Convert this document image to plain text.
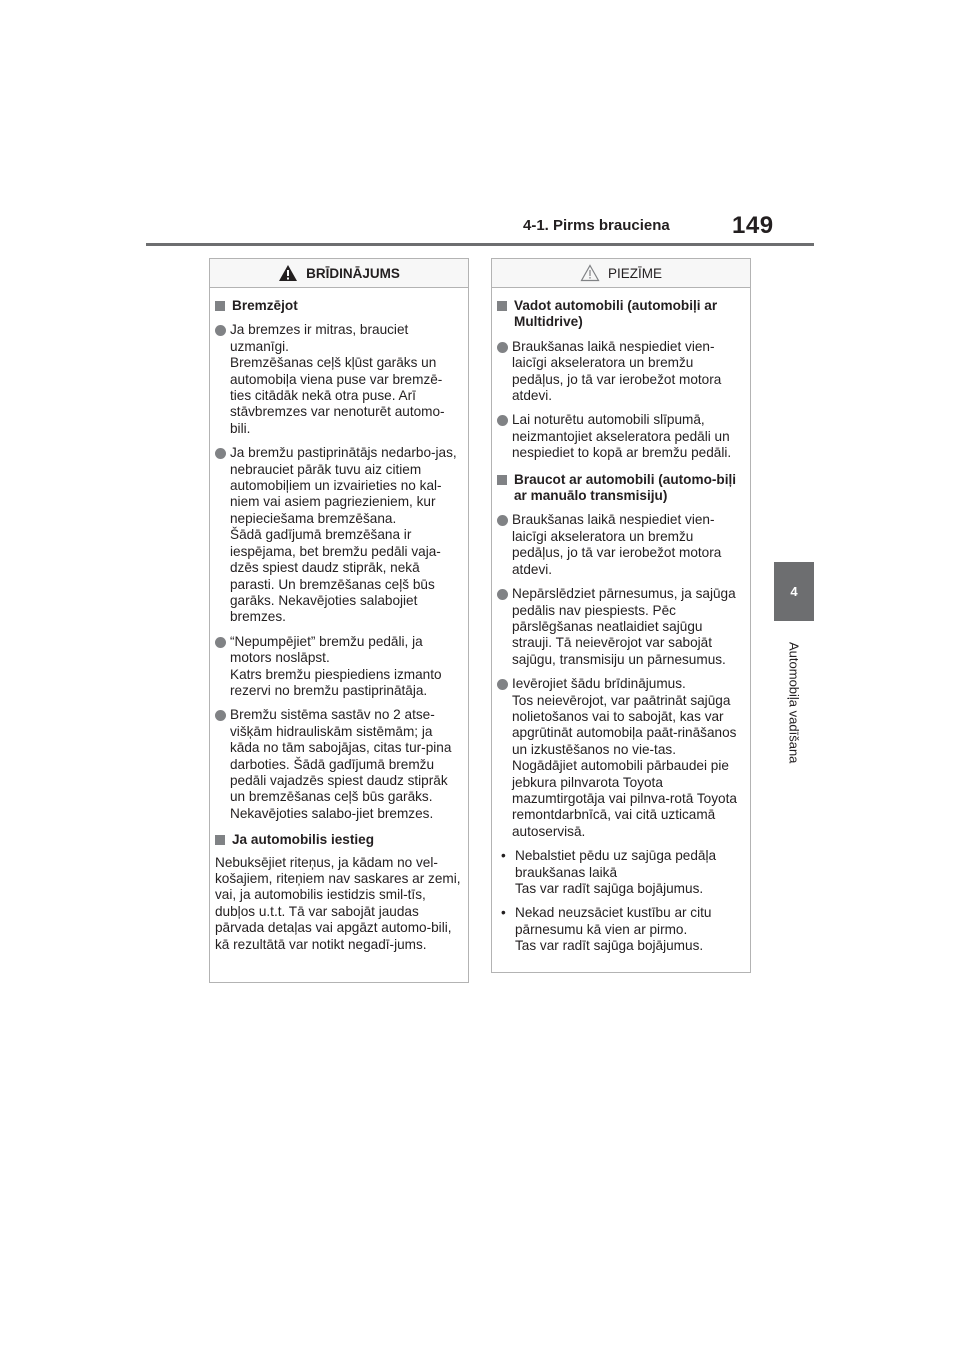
4-1. Pirms brauciena	149
4
Automobiļa vadīšana
BRĪDINĀJUMS
Bremzējot
Ja bremzes ir mitras, brauciet uzmanīgi.
Bremzēšanas ceļš kļūst garāks un automobiļa viena puse var bremzē-ties citādāk nekā otra puse. Arī stāvbremzes var nenoturēt automo-bili.
Ja bremžu pastiprinātājs nedarbo-jas, nebrauciet pārāk tuvu aiz citiem automobiļiem un izvairieties no kal-niem vai asiem pagriezieniem, kur nepieciešama bremzēšana.
Šādā gadījumā bremzēšana ir iespējama, bet bremžu pedāli vaja-dzēs spiest daudz stiprāk, nekā parasti. Un bremzēšanas ceļš būs garāks. Nekavējoties salabojiet bremzes.
“Nepumpējiet” bremžu pedāli, ja motors noslāpst.
Katrs bremžu piespiediens izmanto rezervi no bremžu pastiprinātāja.
Bremžu sistēma sastāv no 2 atse-višķām hidrauliskām sistēmām; ja kāda no tām sabojājas, citas tur-pina darboties. Šādā gadījumā bremžu pedāli vajadzēs spiest daudz stiprāk un bremzēšanas ceļš būs garāks. Nekavējoties salabo-jiet bremzes.
Ja automobilis iestieg
Nebuksējiet riteņus, ja kādam no vel-košajiem, riteņiem nav saskares ar zemi, vai, ja automobilis iestidzis smil-tīs, dubļos u.t.t. Tā var sabojāt jaudas pārvada detaļas vai apgāzt automo-bili, kā rezultātā var notikt negadī-jums.
PIEZĪME
Vadot automobili (automobiļi ar Multidrive)
Braukšanas laikā nespiediet vien-laicīgi akseleratora un bremžu pedāļus, jo tā var ierobežot motora atdevi.
Lai noturētu automobili slīpumā, neizmantojiet akseleratora pedāli un nespiediet to kopā ar bremžu pedāli.
Braucot ar automobili (automo-biļi ar manuālo transmisiju)
Braukšanas laikā nespiediet vien-laicīgi akseleratora un bremžu pedāļus, jo tā var ierobežot motora atdevi.
Nepārslēdziet pārnesumus, ja sajūga pedālis nav piespiests. Pēc pārslēgšanas neatlaidiet sajūgu strauji. Tā neievērojot var sabojāt sajūgu, transmisiju un pārnesumus.
Ievērojiet šādu brīdinājumus.
Tos neievērojot, var paātrināt sajūga nolietošanos vai to sabojāt, kas var apgrūtināt automobiļa paāt-rināšanos un izkustēšanos no vie-tas. Nogādājiet automobili pārbaudei pie jebkura pilnvarota Toyota mazumtirgotāja vai pilnva-rotā Toyota remontdarbnīcā, vai citā uzticamā autoservisā.
• Nebalstiet pēdu uz sajūga pedāļa braukšanas laikā
Tas var radīt sajūga bojājumus.
• Nekad neuzsāciet kustību ar citu pārnesumu kā vien ar pirmo.
Tas var radīt sajūga bojājumus.
